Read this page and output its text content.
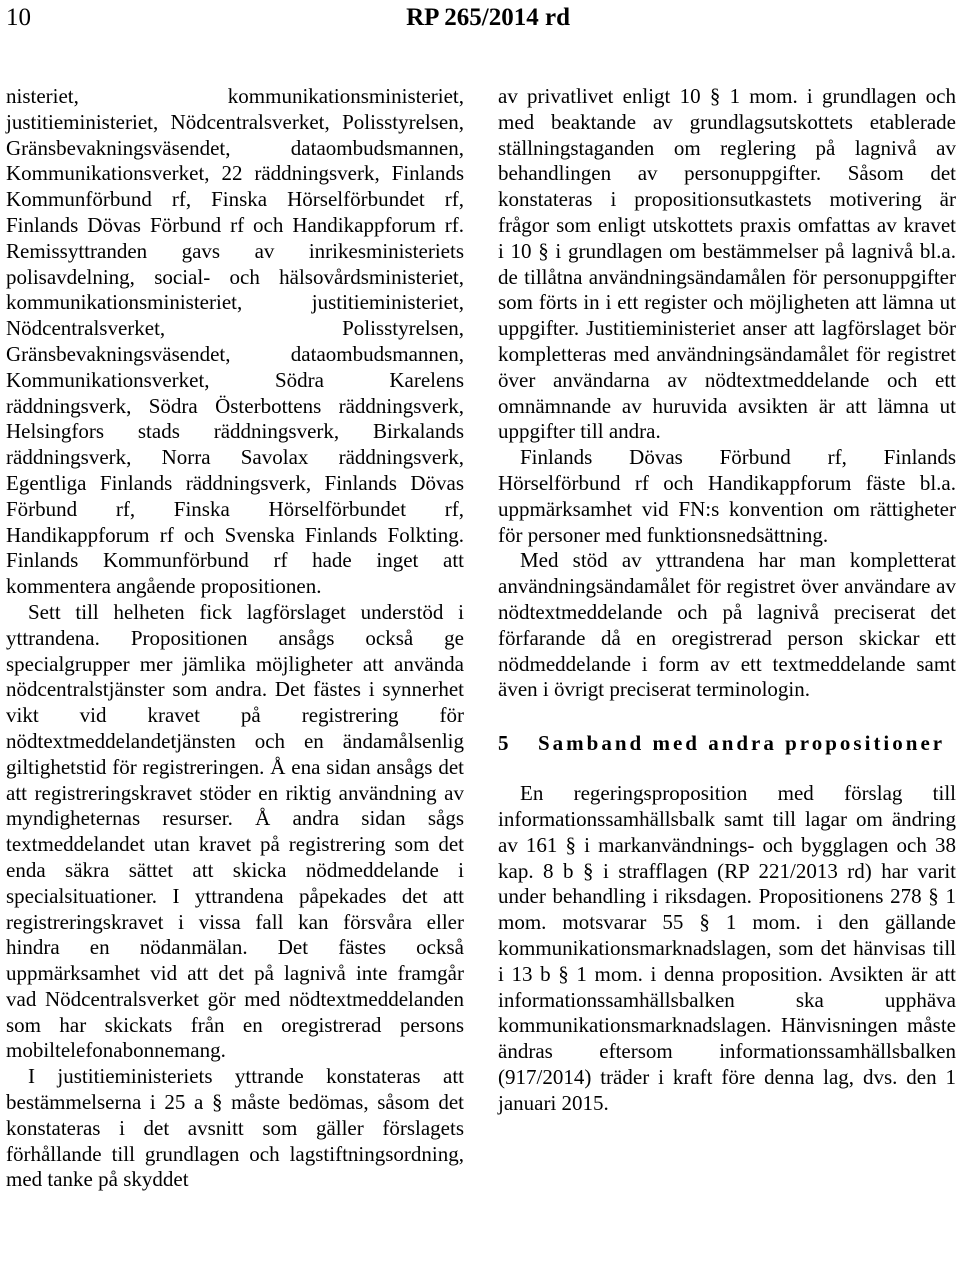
10	RP 265/2014 rd

nisteriet, kommunikationsministeriet, justitieministeriet, Nödcentralsverket, Polisstyrelsen, Gränsbevakningsväsendet, dataombudsmannen, Kommunikationsverket, 22 räddningsverk, Finlands Kommunförbund rf, Finska Hörselförbundet rf, Finlands Dövas Förbund rf och Handikappforum rf. Remissyttranden gavs av inrikesministeriets polisavdelning, social- och hälsovårdsministeriet, kommunikationsministeriet, justitieministeriet, Nödcentralsverket, Polisstyrelsen, Gränsbevakningsväsendet, dataombudsmannen, Kommunikationsverket, Södra Karelens räddningsverk, Södra Österbottens räddningsverk, Helsingfors stads räddningsverk, Birkalands räddningsverk, Norra Savolax räddningsverk, Egentliga Finlands räddningsverk, Finlands Dövas Förbund rf, Finska Hörselförbundet rf, Handikappforum rf och Svenska Finlands Folkting. Finlands Kommunförbund rf hade inget att kommentera angående propositionen.

Sett till helheten fick lagförslaget understöd i yttrandena. Propositionen ansågs också ge specialgrupper mer jämlika möjligheter att använda nödcentralstjänster som andra. Det fästes i synnerhet vikt vid kravet på registrering för nödtextmeddelandetjänsten och en ändamålsenlig giltighetstid för registreringen. Å ena sidan ansågs det att registreringskravet stöder en riktig användning av myndigheternas resurser. Å andra sidan sågs textmeddelandet utan kravet på registrering som det enda säkra sättet att skicka nödmeddelande i specialsituationer. I yttrandena påpekades det att registreringskravet i vissa fall kan försvåra eller hindra en nödanmälan. Det fästes också uppmärksamhet vid att det på lagnivå inte framgår vad Nödcentralsverket gör med nödtextmeddelanden som har skickats från en oregistrerad persons mobiltelefonabonnemang.

I justitieministeriets yttrande konstateras att bestämmelserna i 25 a § måste bedömas, såsom det konstateras i det avsnitt som gäller förslagets förhållande till grundlagen och lagstiftningsordning, med tanke på skyddet

av privatlivet enligt 10 § 1 mom. i grundlagen och med beaktande av grundlagsutskottets etablerade ställningstaganden om reglering på lagnivå av behandlingen av personuppgifter. Såsom det konstateras i propositionsutkastets motivering är frågor som enligt utskottets praxis omfattas av kravet i 10 § i grundlagen om bestämmelser på lagnivå bl.a. de tillåtna användningsändamålen för personuppgifter som förts in i ett register och möjligheten att lämna ut uppgifter. Justitieministeriet anser att lagförslaget bör kompletteras med användningsändamålet för registret över användarna av nödtextmeddelande och ett omnämnande av huruvida avsikten är att lämna ut uppgifter till andra.

Finlands Dövas Förbund rf, Finlands Hörselförbund rf och Handikappforum fäste bl.a. uppmärksamhet vid FN:s konvention om rättigheter för personer med funktionsnedsättning.

Med stöd av yttrandena har man kompletterat användningsändamålet för registret över användare av nödtextmeddelande och på lagnivå preciserat det förfarande då en oregistrerad person skickar ett nödmeddelande i form av ett textmeddelande samt även i övrigt preciserat terminologin.

5	Samband med andra propositioner

En regeringsproposition med förslag till informationssamhällsbalk samt till lagar om ändring av 161 § i markanvändnings- och bygglagen och 38 kap. 8 b § i strafflagen (RP 221/2013 rd) har varit under behandling i riksdagen. Propositionens 278 § 1 mom. motsvarar 55 § 1 mom. i den gällande kommunikationsmarknadslagen, som det hänvisas till i 13 b § 1 mom. i denna proposition. Avsikten är att informationssamhällsbalken ska upphäva kommunikationsmarknadslagen. Hänvisningen måste ändras eftersom informationssamhällsbalken (917/2014) träder i kraft före denna lag, dvs. den 1 januari 2015.
